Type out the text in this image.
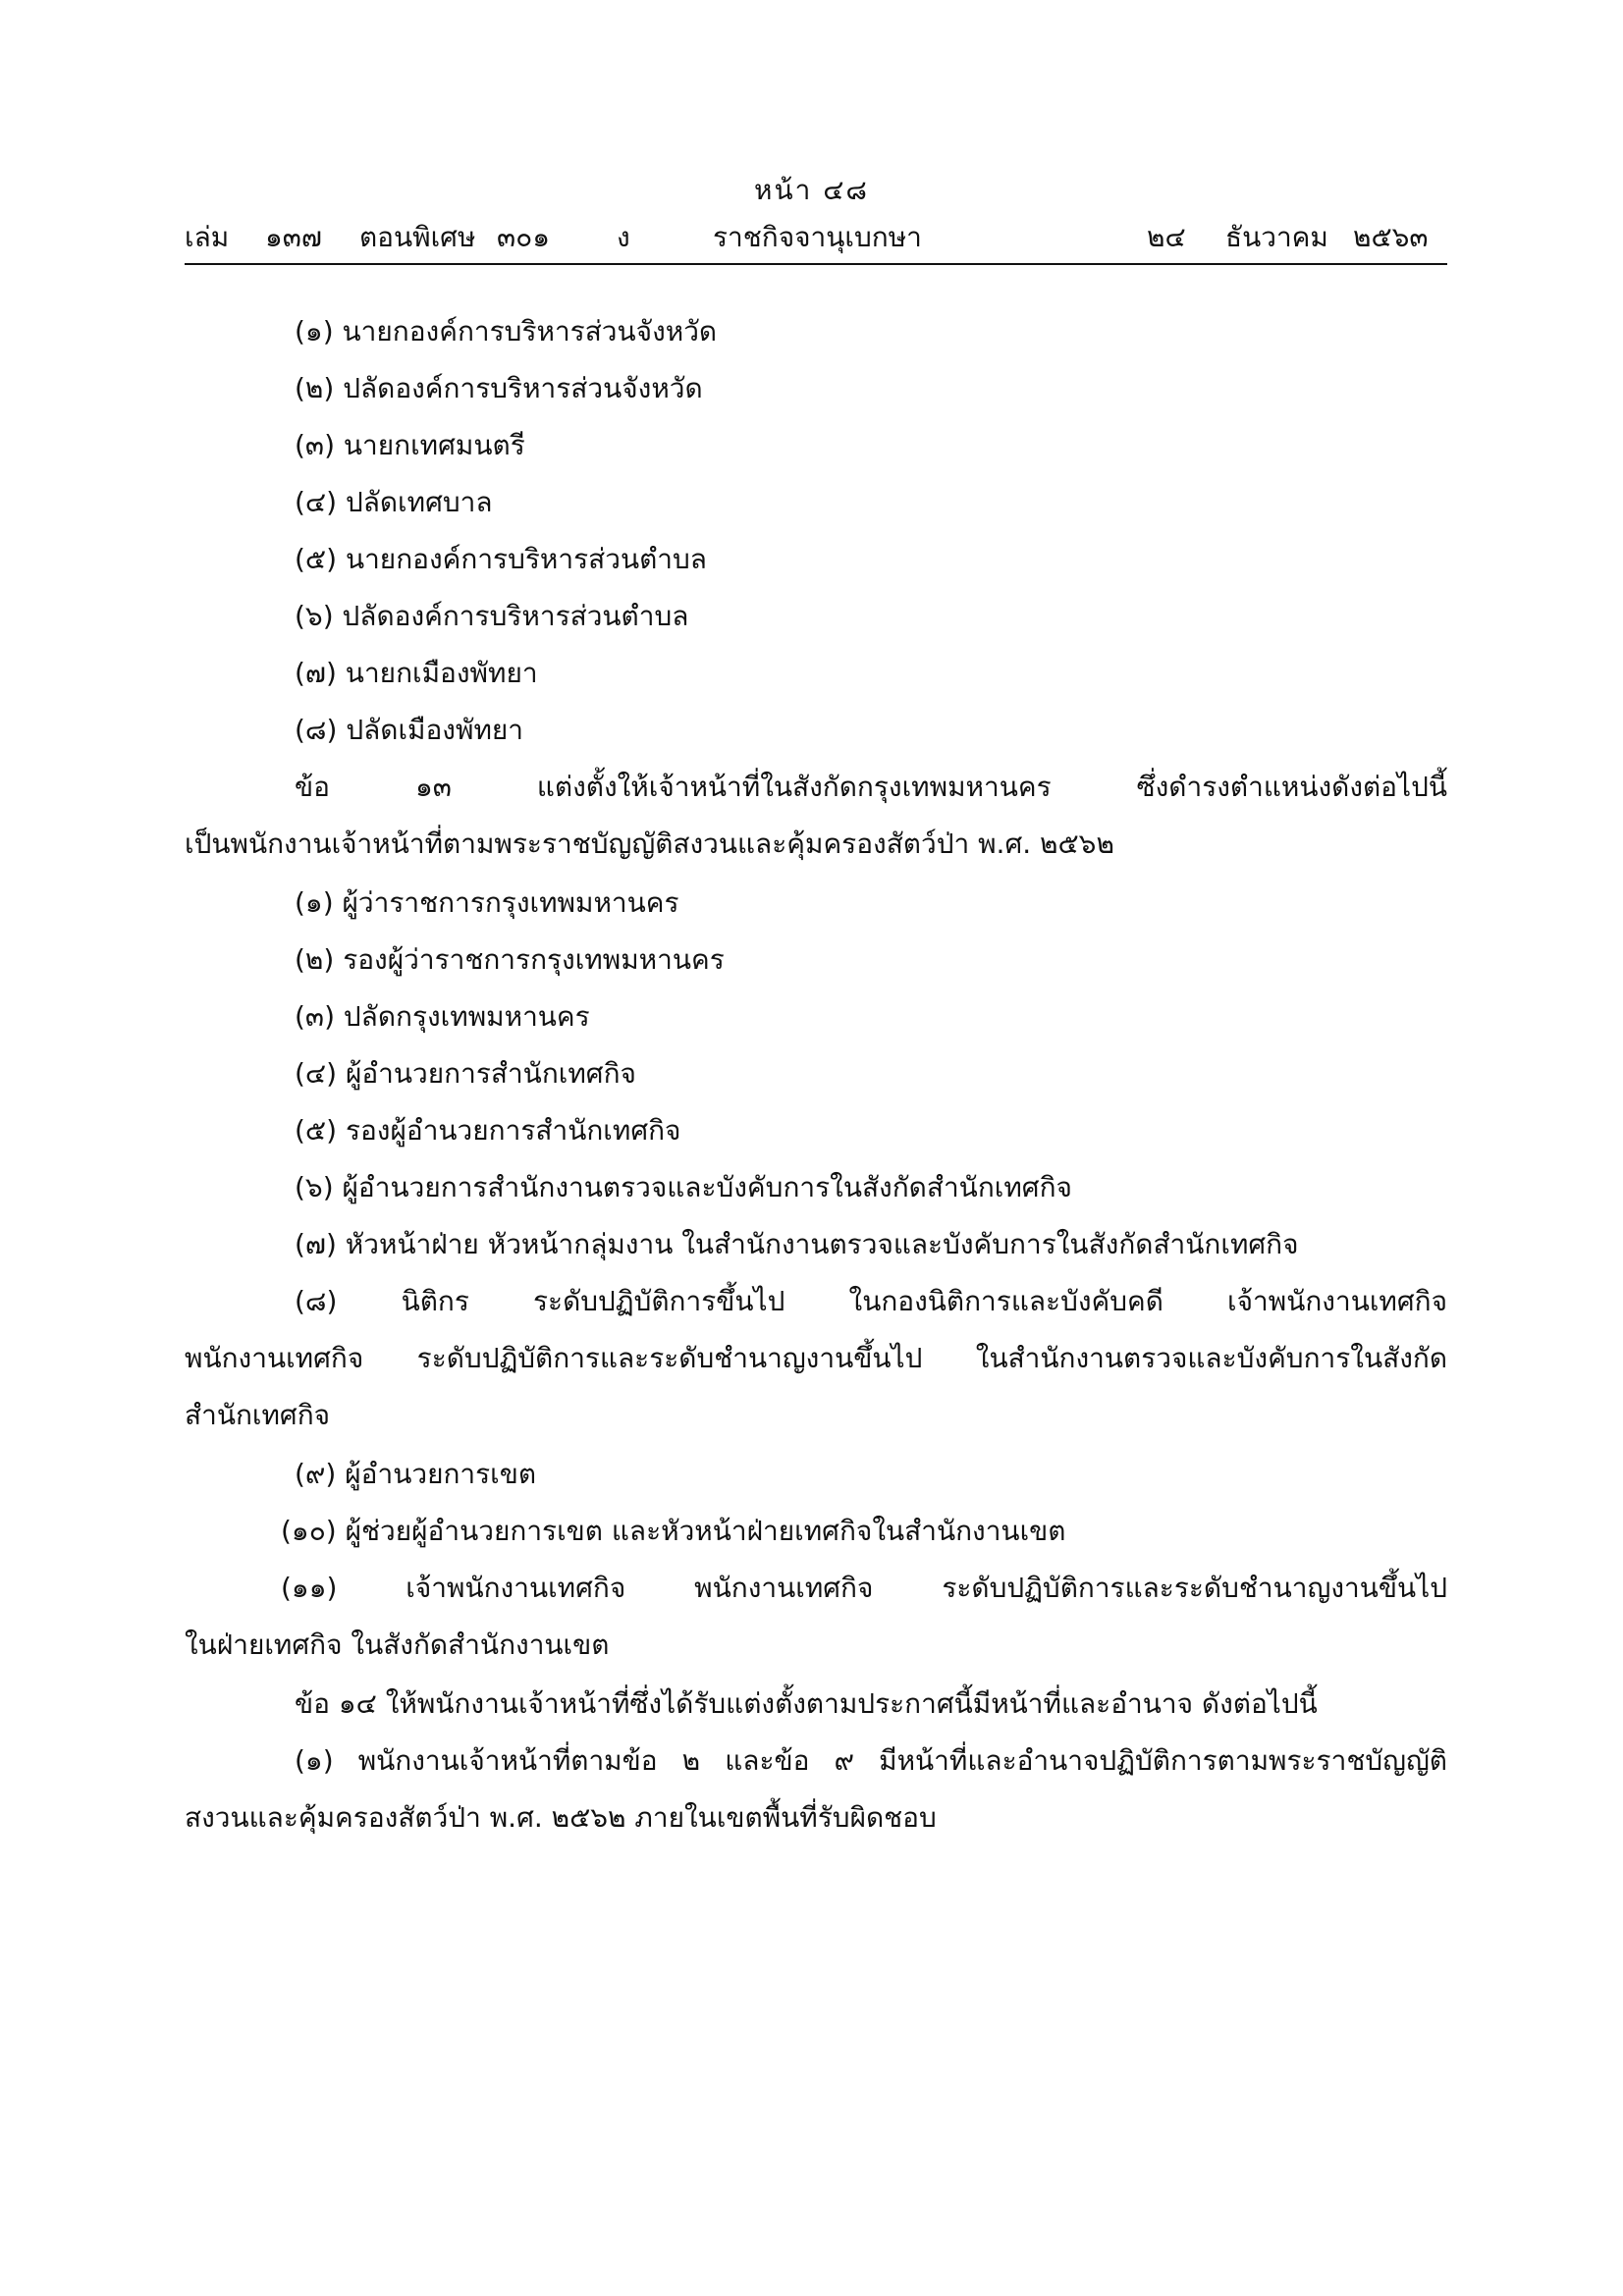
หน้า ๔๘
เล่ม ๑๓๗ ตอนพิเศษ ๓๐๑ ง	ราชกิจจานุเบกษา	๒๔ ธันวาคม ๒๕๖๓
(๑) นายกองค์การบริหารส่วนจังหวัด
(๒) ปลัดองค์การบริหารส่วนจังหวัด
(๓) นายกเทศมนตรี
(๔) ปลัดเทศบาล
(๕) นายกองค์การบริหารส่วนตำบล
(๖) ปลัดองค์การบริหารส่วนตำบล
(๗) นายกเมืองพัทยา
(๘) ปลัดเมืองพัทยา
ข้อ ๑๓ แต่งตั้งให้เจ้าหน้าที่ในสังกัดกรุงเทพมหานคร ซึ่งดำรงตำแหน่งดังต่อไปนี้
เป็นพนักงานเจ้าหน้าที่ตามพระราชบัญญัติสงวนและคุ้มครองสัตว์ป่า พ.ศ. ๒๕๖๒
(๑) ผู้ว่าราชการกรุงเทพมหานคร
(๒) รองผู้ว่าราชการกรุงเทพมหานคร
(๓) ปลัดกรุงเทพมหานคร
(๔) ผู้อำนวยการสำนักเทศกิจ
(๕) รองผู้อำนวยการสำนักเทศกิจ
(๖) ผู้อำนวยการสำนักงานตรวจและบังคับการในสังกัดสำนักเทศกิจ
(๗) หัวหน้าฝ่าย หัวหน้ากลุ่มงาน ในสำนักงานตรวจและบังคับการในสังกัดสำนักเทศกิจ
(๘) นิติกร ระดับปฏิบัติการขึ้นไป ในกองนิติการและบังคับคดี เจ้าพนักงานเทศกิจ
พนักงานเทศกิจ ระดับปฏิบัติการและระดับชำนาญงานขึ้นไป ในสำนักงานตรวจและบังคับการในสังกัด
สำนักเทศกิจ
(๙) ผู้อำนวยการเขต
(๑๐) ผู้ช่วยผู้อำนวยการเขต และหัวหน้าฝ่ายเทศกิจในสำนักงานเขต
(๑๑) เจ้าพนักงานเทศกิจ พนักงานเทศกิจ ระดับปฏิบัติการและระดับชำนาญงานขึ้นไป
ในฝ่ายเทศกิจ ในสังกัดสำนักงานเขต
ข้อ ๑๔ ให้พนักงานเจ้าหน้าที่ซึ่งได้รับแต่งตั้งตามประกาศนี้มีหน้าที่และอำนาจ ดังต่อไปนี้
(๑) พนักงานเจ้าหน้าที่ตามข้อ ๒ และข้อ ๙ มีหน้าที่และอำนาจปฏิบัติการตามพระราชบัญญัติ
สงวนและคุ้มครองสัตว์ป่า พ.ศ. ๒๕๖๒ ภายในเขตพื้นที่รับผิดชอบ
